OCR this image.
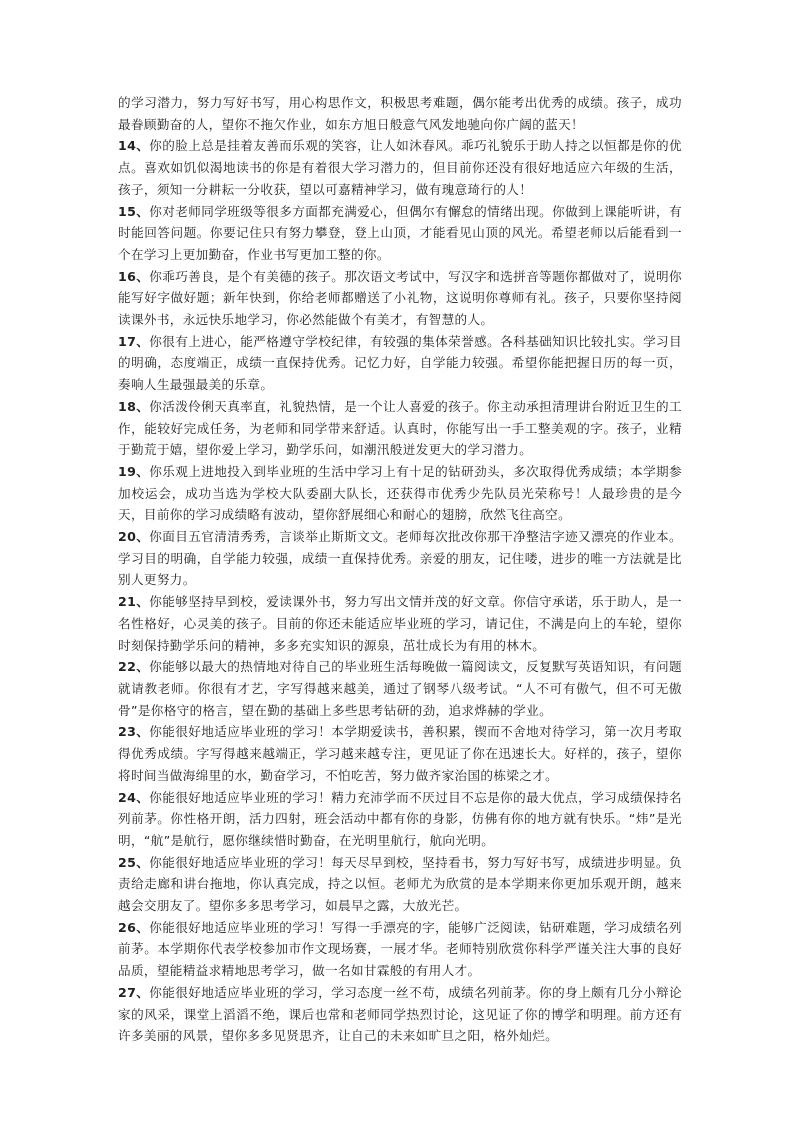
的学习潜力，努力写好书写，用心构思作文，积极思考难题，偶尔能考出优秀的成绩。孩子，成功最眷顾勤奋的人，望你不拖欠作业，如东方旭日般意气风发地驰向你广阔的蓝天！

14、你的脸上总是挂着友善而乐观的笑容，让人如沐春风。乖巧礼貌乐于助人持之以恒都是你的优点。喜欢如饥似渴地读书的你是有着很大学习潜力的，但目前你还没有很好地适应六年级的生活，孩子，须知一分耕耘一分收获，望以可嘉精神学习，做有瑰意琦行的人！

15、你对老师同学班级等很多方面都充满爱心，但偶尔有懈怠的情绪出现。你做到上课能听讲，有时能回答问题。你要记住只有努力攀登，登上山顶，才能看见山顶的风光。希望老师以后能看到一个在学习上更加勤奋，作业书写更加工整的你。

16、你乖巧善良，是个有美德的孩子。那次语文考试中，写汉字和选拼音等题你都做对了，说明你能写好字做好题；新年快到，你给老师都赠送了小礼物，这说明你尊师有礼。孩子，只要你坚持阅读课外书，永远快乐地学习，你必然能做个有美才，有智慧的人。

17、你很有上进心，能严格遵守学校纪律，有较强的集体荣誉感。各科基础知识比较扎实。学习目的明确，态度端正，成绩一直保持优秀。记忆力好，自学能力较强。希望你能把握日历的每一页，奏响人生最强最美的乐章。

18、你活泼伶俐天真率直，礼貌热情，是一个让人喜爱的孩子。你主动承担清理讲台附近卫生的工作，能较好完成任务，为老师和同学带来舒适。认真时，你能写出一手工整美观的字。孩子，业精于勤荒于嬉，望你爱上学习，勤学乐问，如潮汛般迸发更大的学习潜力。

19、你乐观上进地投入到毕业班的生活中学习上有十足的钻研劲头，多次取得优秀成绩；本学期参加校运会，成功当选为学校大队委副大队长，还获得市优秀少先队员光荣称号！人最珍贵的是今天，目前你的学习成绩略有波动，望你舒展细心和耐心的翅膀，欣然飞往高空。

20、你面目五官清清秀秀，言谈举止斯斯文文。老师每次批改你那干净整洁字迹又漂亮的作业本。学习目的明确，自学能力较强，成绩一直保持优秀。亲爱的朋友，记住喽，进步的唯一方法就是比别人更努力。

21、你能够坚持早到校，爱读课外书，努力写出文情并茂的好文章。你信守承诺，乐于助人，是一名性格好，心灵美的孩子。目前的你还未能适应毕业班的学习，请记住，不满是向上的车轮，望你时刻保持勤学乐问的精神，多多充实知识的源泉，茁壮成长为有用的林木。

22、你能够以最大的热情地对待自己的毕业班生活每晚做一篇阅读文，反复默写英语知识，有问题就请教老师。你很有才艺，字写得越来越美，通过了钢琴八级考试。“人不可有傲气，但不可无傲骨”是你格守的格言，望在勤的基础上多些思考钻研的劲，追求烨赫的学业。

23、你能很好地适应毕业班的学习！本学期爱读书，善积累，锲而不舍地对待学习，第一次月考取得优秀成绩。字写得越来越端正，学习越来越专注，更见证了你在迅速长大。好样的，孩子，望你将时间当做海绵里的水，勤奋学习，不怕吃苦，努力做齐家治国的栋梁之才。

24、你能很好地适应毕业班的学习！精力充沛学而不厌过目不忘是你的最大优点，学习成绩保持名列前茅。你性格开朗，活力四射，班会活动中都有你的身影，仿佛有你的地方就有快乐。“炜”是光明，“航”是航行，愿你继续惜时勤奋，在光明里航行，航向光明。

25、你能很好地适应毕业班的学习！每天尽早到校，坚持看书，努力写好书写，成绩进步明显。负责给走廊和讲台拖地，你认真完成，持之以恒。老师尤为欣赏的是本学期来你更加乐观开朗，越来越会交朋友了。望你多多思考学习，如晨早之露，大放光芒。

26、你能很好地适应毕业班的学习！写得一手漂亮的字，能够广泛阅读，钻研难题，学习成绩名列前茅。本学期你代表学校参加市作文现场赛，一展才华。老师特别欣赏你科学严谨关注大事的良好品质，望能精益求精地思考学习，做一名如甘霖般的有用人才。

27、你能很好地适应毕业班的学习，学习态度一丝不苟，成绩名列前茅。你的身上颇有几分小辩论家的风采，课堂上滔滔不绝，课后也常和老师同学热烈讨论，这见证了你的博学和明理。前方还有许多美丽的风景，望你多多见贤思齐，让自己的未来如旷旦之阳，格外灿烂。
